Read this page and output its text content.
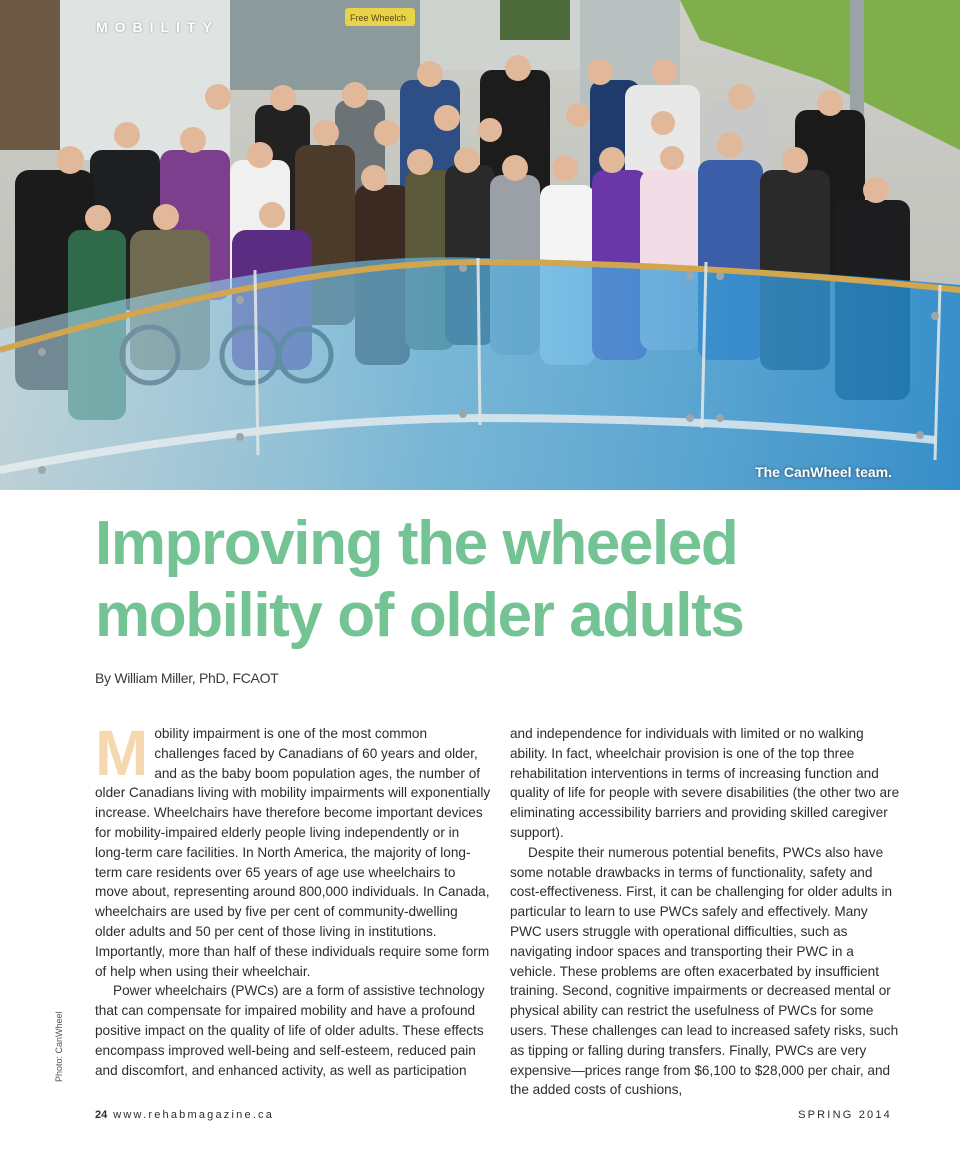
Free Wheelch
MOBILITY
The CanWheel team.
Improving the wheeled mobility of older adults
By William Miller, PhD, FCAOT

Mobility impairment is one of the most common challenges faced by Canadians of 60 years and older, and as the baby boom population ages, the number of older Canadians living with mobility impairments will exponentially increase. Wheelchairs have therefore become important devices for mobility-impaired elderly people living independently or in long-term care facilities. In North America, the majority of long-term care residents over 65 years of age use wheelchairs to move about, representing around 800,000 individuals. In Canada, wheelchairs are used by five per cent of community-dwelling older adults and 50 per cent of those living in institutions. Importantly, more than half of these individuals require some form of help when using their wheelchair.

Power wheelchairs (PWCs) are a form of assistive technology that can compensate for impaired mobility and have a profound positive impact on the quality of life of older adults. These effects encompass improved well-being and self-esteem, reduced pain and discomfort, and enhanced activity, as well as participation

and independence for individuals with limited or no walking ability. In fact, wheelchair provision is one of the top three rehabilitation interventions in terms of increasing function and quality of life for people with severe disabilities (the other two are eliminating accessibility barriers and providing skilled caregiver support).

Despite their numerous potential benefits, PWCs also have some notable drawbacks in terms of functionality, safety and cost-effectiveness. First, it can be challenging for older adults in particular to learn to use PWCs safely and effectively. Many PWC users struggle with operational difficulties, such as navigating indoor spaces and transporting their PWC in a vehicle. These problems are often exacerbated by insufficient training. Second, cognitive impairments or decreased mental or physical ability can restrict the usefulness of PWCs for some users. These challenges can lead to increased safety risks, such as tipping or falling during transfers. Finally, PWCs are very expensive—prices range from $6,100 to $28,000 per chair, and the added costs of cushions,

Photo: CanWheel
24 www.rehabmagazine.ca	SPRING 2014
